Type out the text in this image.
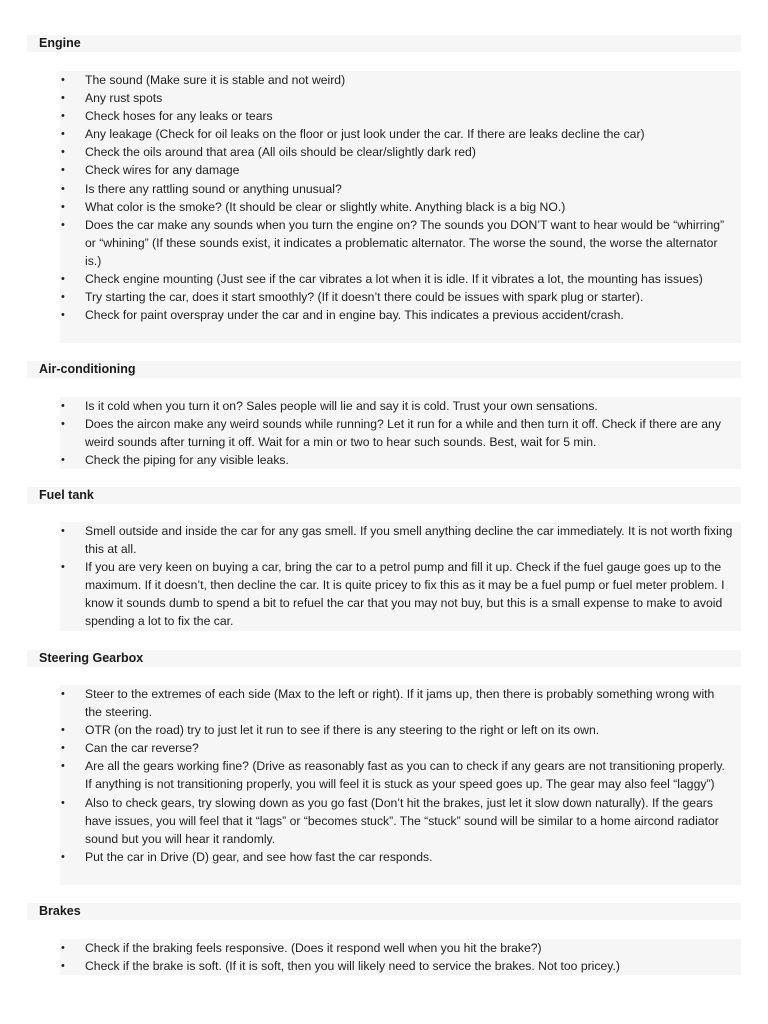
Engine
•	The sound (Make sure it is stable and not weird)
•	Any rust spots
•	Check hoses for any leaks or tears
•	Any leakage (Check for oil leaks on the floor or just look under the car. If there are leaks decline the car)
•	Check the oils around that area (All oils should be clear/slightly dark red)
•	Check wires for any damage
•	Is there any rattling sound or anything unusual?
•	What color is the smoke? (It should be clear or slightly white. Anything black is a big NO.)
•	Does the car make any sounds when you turn the engine on? The sounds you DON’T want to hear would be “whirring” or “whining” (If these sounds exist, it indicates a problematic alternator. The worse the sound, the worse the alternator is.)
•	Check engine mounting (Just see if the car vibrates a lot when it is idle. If it vibrates a lot, the mounting has issues)
•	Try starting the car, does it start smoothly? (If it doesn’t there could be issues with spark plug or starter).
•	Check for paint overspray under the car and in engine bay. This indicates a previous accident/crash.
Air-conditioning
•	Is it cold when you turn it on? Sales people will lie and say it is cold. Trust your own sensations.
•	Does the aircon make any weird sounds while running? Let it run for a while and then turn it off. Check if there are any weird sounds after turning it off. Wait for a min or two to hear such sounds. Best, wait for 5 min.
•	Check the piping for any visible leaks.
Fuel tank
•	Smell outside and inside the car for any gas smell. If you smell anything decline the car immediately. It is not worth fixing this at all.
•	If you are very keen on buying a car, bring the car to a petrol pump and fill it up. Check if the fuel gauge goes up to the maximum. If it doesn’t, then decline the car. It is quite pricey to fix this as it may be a fuel pump or fuel meter problem. I know it sounds dumb to spend a bit to refuel the car that you may not buy, but this is a small expense to make to avoid spending a lot to fix the car.
Steering Gearbox
•	Steer to the extremes of each side (Max to the left or right). If it jams up, then there is probably something wrong with the steering.
•	OTR (on the road) try to just let it run to see if there is any steering to the right or left on its own.
•	Can the car reverse?
•	Are all the gears working fine? (Drive as reasonably fast as you can to check if any gears are not transitioning properly. If anything is not transitioning properly, you will feel it is stuck as your speed goes up. The gear may also feel “laggy”)
•	Also to check gears, try slowing down as you go fast (Don’t hit the brakes, just let it slow down naturally). If the gears have issues, you will feel that it “lags” or “becomes stuck”. The “stuck” sound will be similar to a home aircond radiator sound but you will hear it randomly.
•	Put the car in Drive (D) gear, and see how fast the car responds.
Brakes
•	Check if the braking feels responsive. (Does it respond well when you hit the brake?)
•	Check if the brake is soft. (If it is soft, then you will likely need to service the brakes. Not too pricey.)
